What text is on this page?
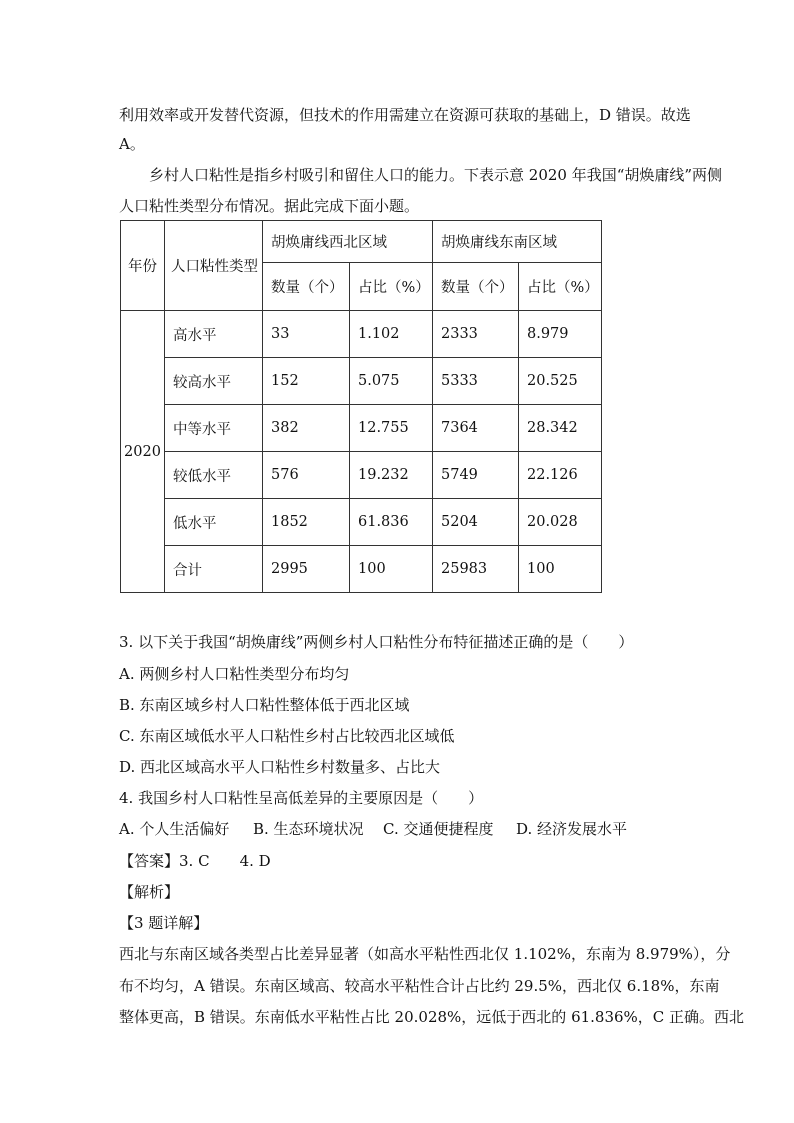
利用效率或开发替代资源，但技术的作用需建立在资源可获取的基础上，D 错误。故选
A。
乡村人口粘性是指乡村吸引和留住人口的能力。下表示意 2020 年我国“胡焕庸线”两侧
人口粘性类型分布情况。据此完成下面小题。
年份	人口粘性类型	胡焕庸线西北区域		胡焕庸线东南区域	
		数量（个）	占比（%）	数量（个）	占比（%）
2020	高水平	33	1.102	2333	8.979
	较高水平	152	5.075	5333	20.525
	中等水平	382	12.755	7364	28.342
	较低水平	576	19.232	5749	22.126
	低水平	1852	61.836	5204	20.028
	合计	2995	100	25983	100
3. 以下关于我国“胡焕庸线”两侧乡村人口粘性分布特征描述正确的是（　　）
A. 两侧乡村人口粘性类型分布均匀
B. 东南区域乡村人口粘性整体低于西北区域
C. 东南区域低水平人口粘性乡村占比较西北区域低
D. 西北区域高水平人口粘性乡村数量多、占比大
4. 我国乡村人口粘性呈高低差异的主要原因是（　　）
A. 个人生活偏好 B. 生态环境状况 C. 交通便捷程度 D. 经济发展水平
【答案】3. C　　4. D
【解析】
【3 题详解】
西北与东南区域各类型占比差异显著（如高水平粘性西北仅 1.102%，东南为 8.979%），分
布不均匀，A 错误。东南区域高、较高水平粘性合计占比约 29.5%，西北仅 6.18%，东南
整体更高，B 错误。东南低水平粘性占比 20.028%，远低于西北的 61.836%，C 正确。西北
